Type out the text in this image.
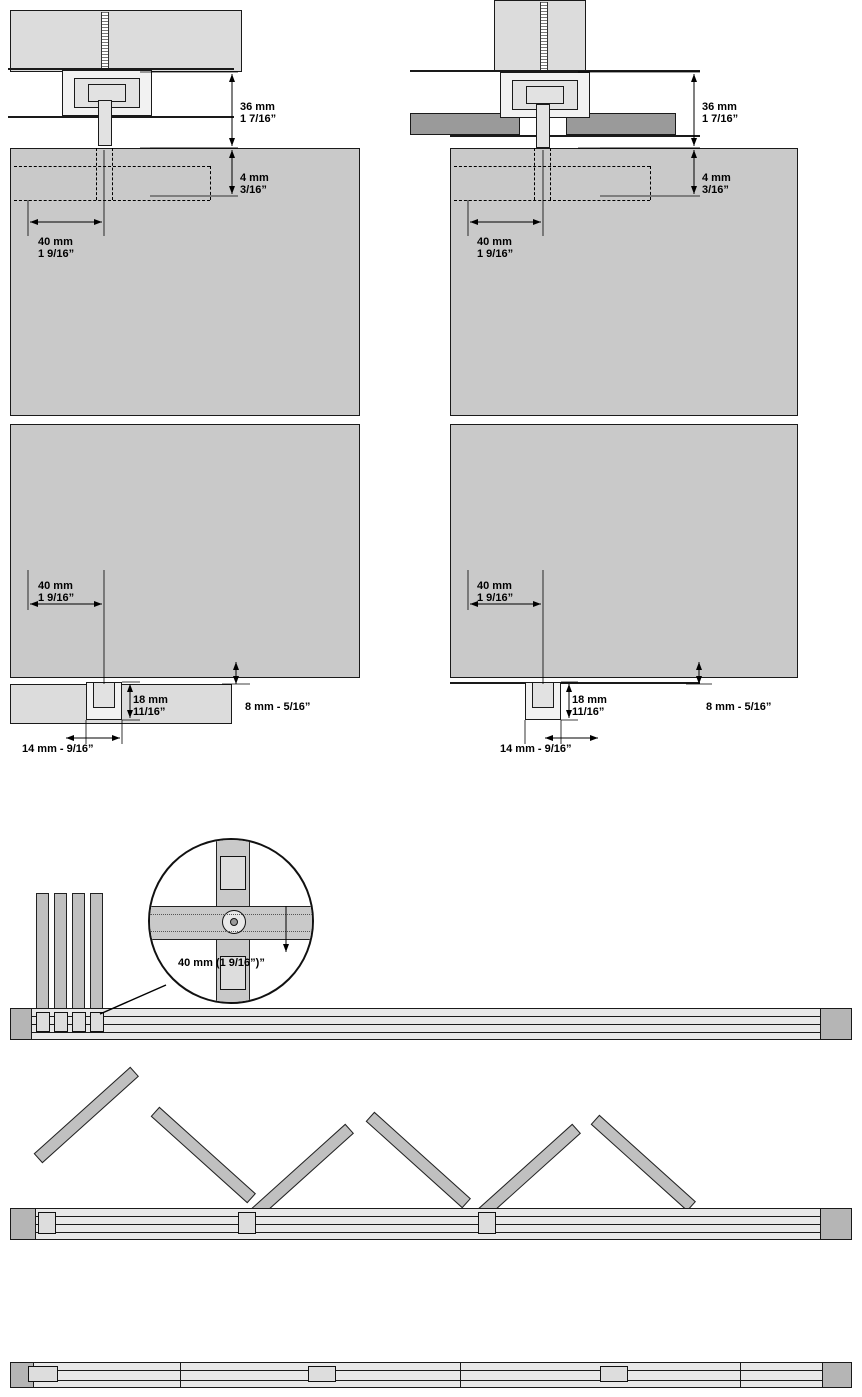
36 mm
1 7/16”
4 mm
3/16”
40 mm
1 9/16”
40 mm
1 9/16”
18 mm
11/16”	8 mm - 5/16”
14 mm - 9/16”
36 mm
1 7/16”
4 mm
3/16”
40 mm
1 9/16”
40 mm
1 9/16”
18 mm
11/16”	8 mm - 5/16”
14 mm - 9/16”
40 mm (1 9/16”)”
